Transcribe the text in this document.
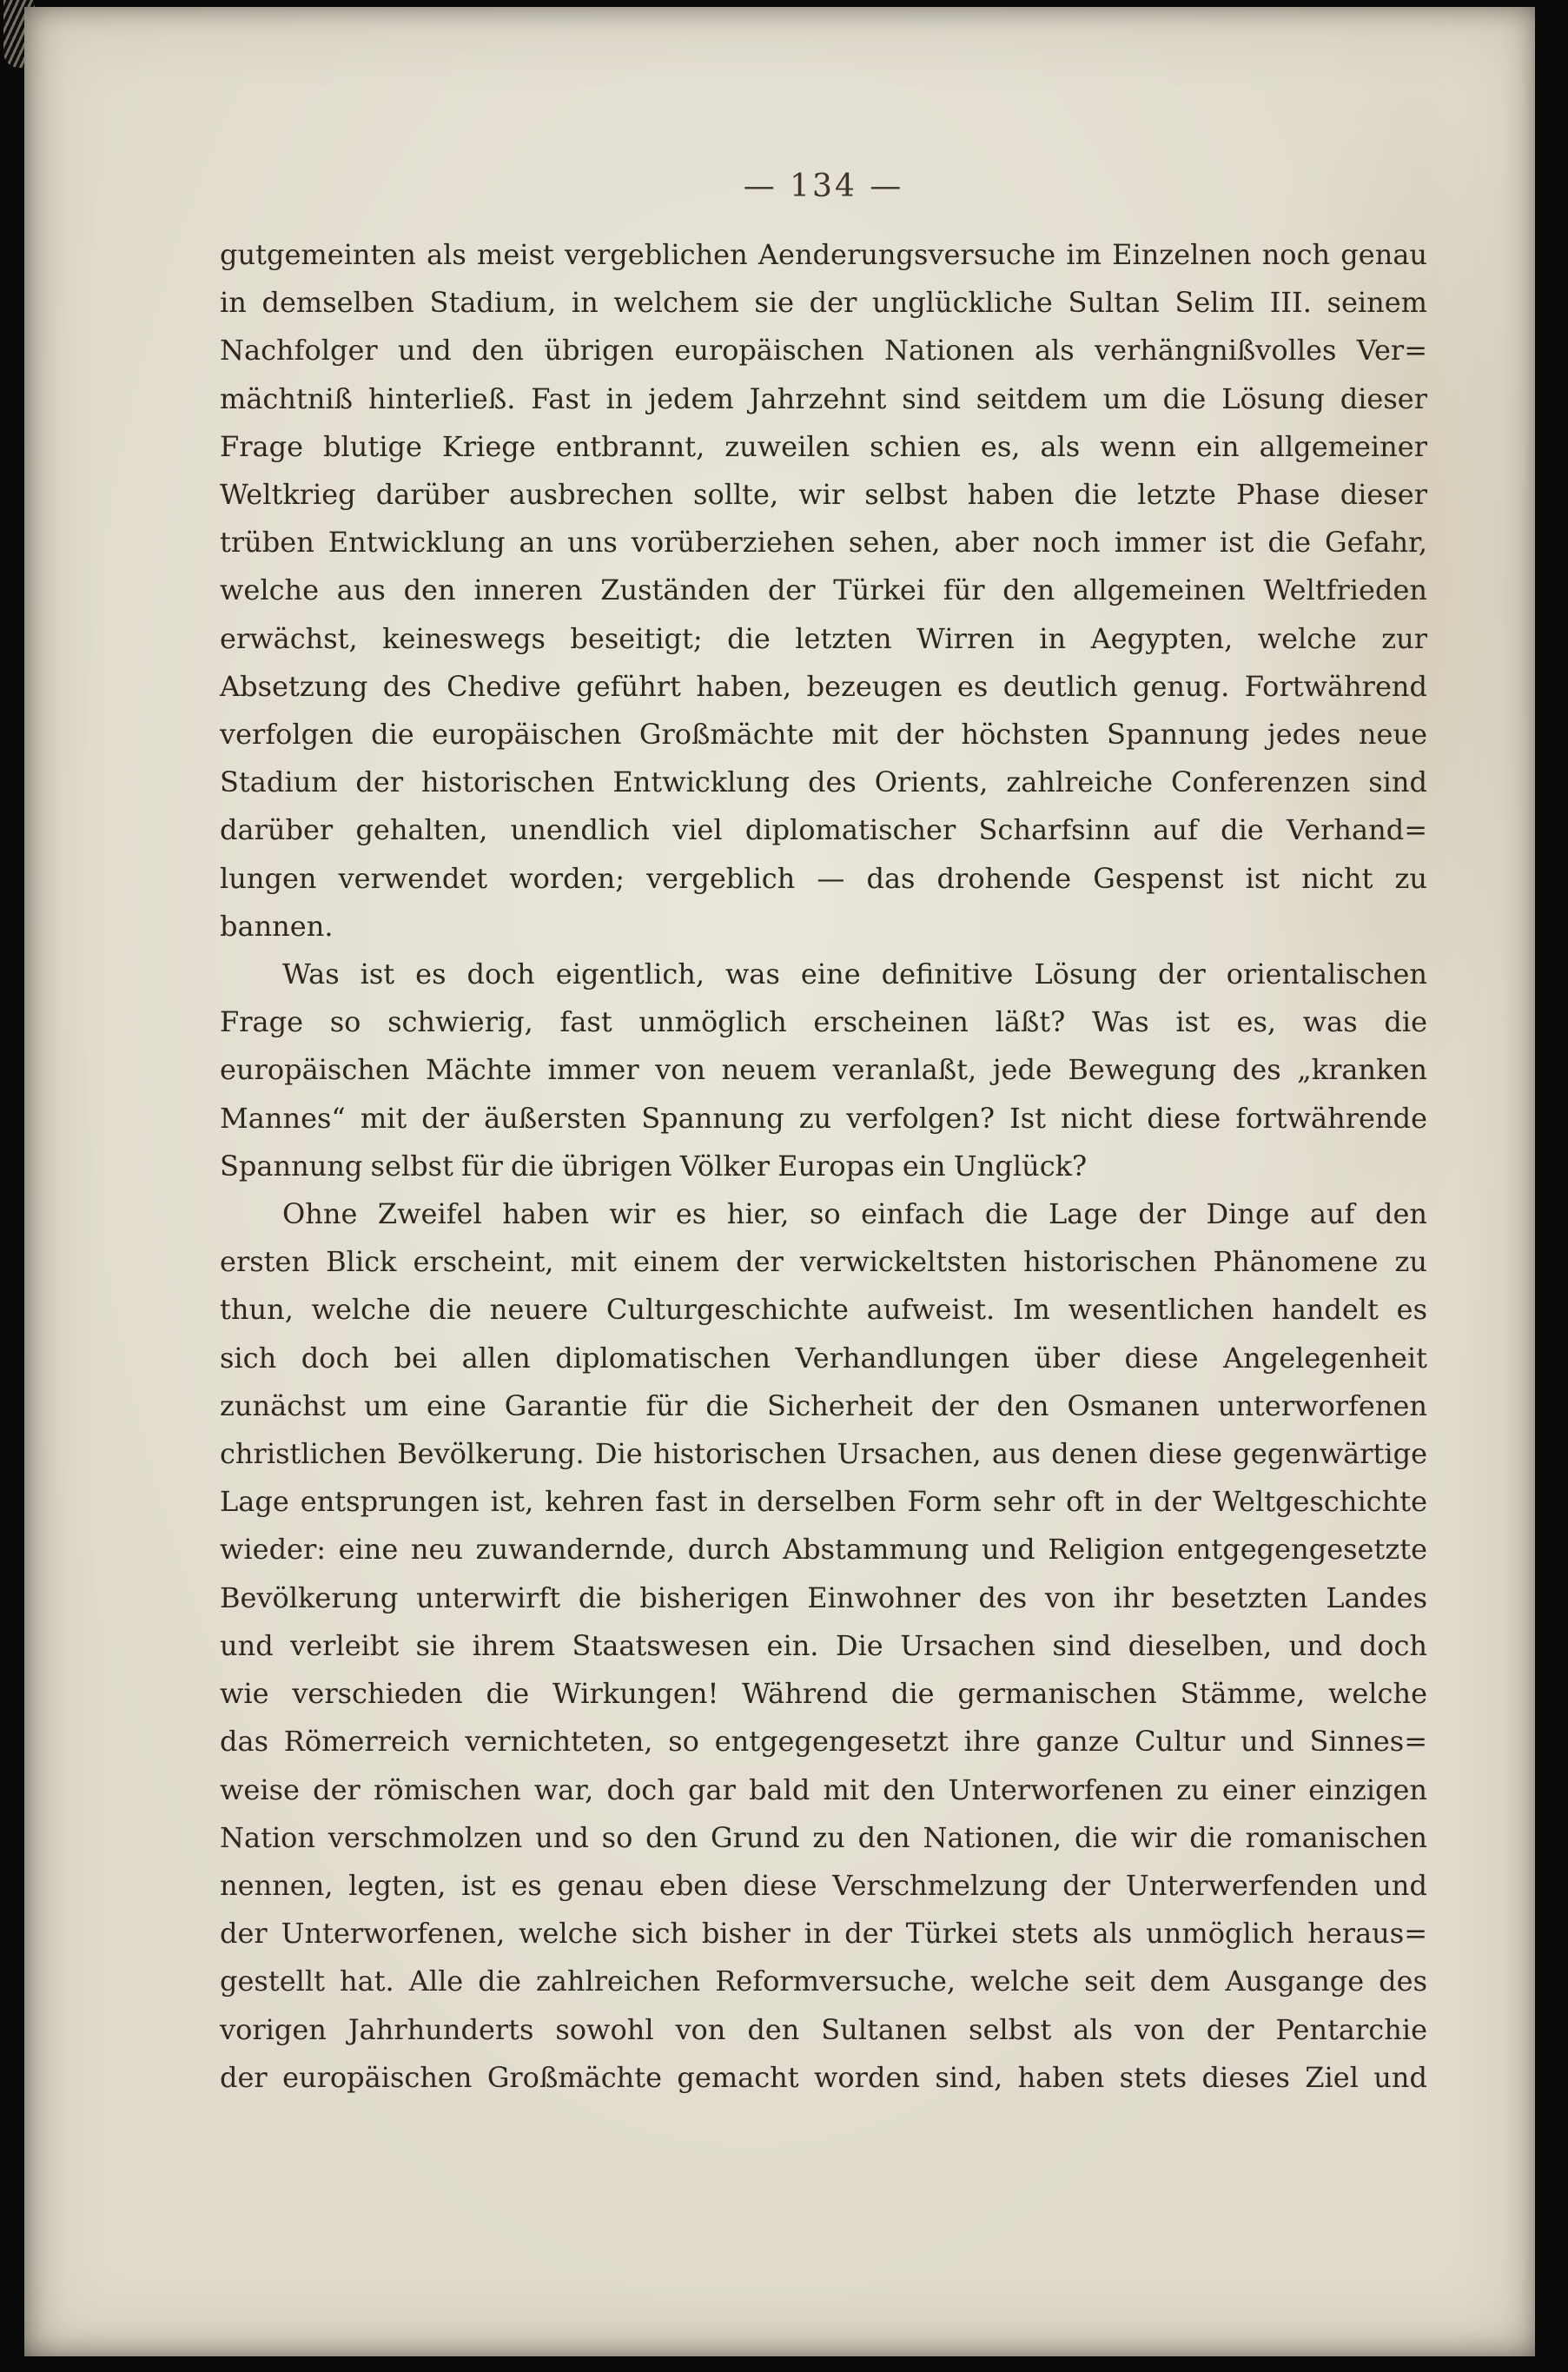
— 134 —

gutgemeinten als meist vergeblichen Aenderungsversuche im Einzelnen noch genau
in demselben Stadium, in welchem sie der unglückliche Sultan Selim III. seinem
Nachfolger und den übrigen europäischen Nationen als verhängnißvolles Ver=
mächtniß hinterließ. Fast in jedem Jahrzehnt sind seitdem um die Lösung dieser
Frage blutige Kriege entbrannt, zuweilen schien es, als wenn ein allgemeiner
Weltkrieg darüber ausbrechen sollte, wir selbst haben die letzte Phase dieser
trüben Entwicklung an uns vorüberziehen sehen, aber noch immer ist die Gefahr,
welche aus den inneren Zuständen der Türkei für den allgemeinen Weltfrieden
erwächst, keineswegs beseitigt; die letzten Wirren in Aegypten, welche zur
Absetzung des Chedive geführt haben, bezeugen es deutlich genug. Fortwährend
verfolgen die europäischen Großmächte mit der höchsten Spannung jedes neue
Stadium der historischen Entwicklung des Orients, zahlreiche Conferenzen sind
darüber gehalten, unendlich viel diplomatischer Scharfsinn auf die Verhand=
lungen verwendet worden; vergeblich — das drohende Gespenst ist nicht zu
bannen.

Was ist es doch eigentlich, was eine definitive Lösung der orientalischen
Frage so schwierig, fast unmöglich erscheinen läßt? Was ist es, was die
europäischen Mächte immer von neuem veranlaßt, jede Bewegung des „kranken
Mannes“ mit der äußersten Spannung zu verfolgen? Ist nicht diese fortwährende
Spannung selbst für die übrigen Völker Europas ein Unglück?

Ohne Zweifel haben wir es hier, so einfach die Lage der Dinge auf den
ersten Blick erscheint, mit einem der verwickeltsten historischen Phänomene zu
thun, welche die neuere Culturgeschichte aufweist. Im wesentlichen handelt es
sich doch bei allen diplomatischen Verhandlungen über diese Angelegenheit
zunächst um eine Garantie für die Sicherheit der den Osmanen unterworfenen
christlichen Bevölkerung. Die historischen Ursachen, aus denen diese gegenwärtige
Lage entsprungen ist, kehren fast in derselben Form sehr oft in der Weltgeschichte
wieder: eine neu zuwandernde, durch Abstammung und Religion entgegengesetzte
Bevölkerung unterwirft die bisherigen Einwohner des von ihr besetzten Landes
und verleibt sie ihrem Staatswesen ein. Die Ursachen sind dieselben, und doch
wie verschieden die Wirkungen! Während die germanischen Stämme, welche
das Römerreich vernichteten, so entgegengesetzt ihre ganze Cultur und Sinnes=
weise der römischen war, doch gar bald mit den Unterworfenen zu einer einzigen
Nation verschmolzen und so den Grund zu den Nationen, die wir die romanischen
nennen, legten, ist es genau eben diese Verschmelzung der Unterwerfenden und
der Unterworfenen, welche sich bisher in der Türkei stets als unmöglich heraus=
gestellt hat. Alle die zahlreichen Reformversuche, welche seit dem Ausgange des
vorigen Jahrhunderts sowohl von den Sultanen selbst als von der Pentarchie
der europäischen Großmächte gemacht worden sind, haben stets dieses Ziel und
